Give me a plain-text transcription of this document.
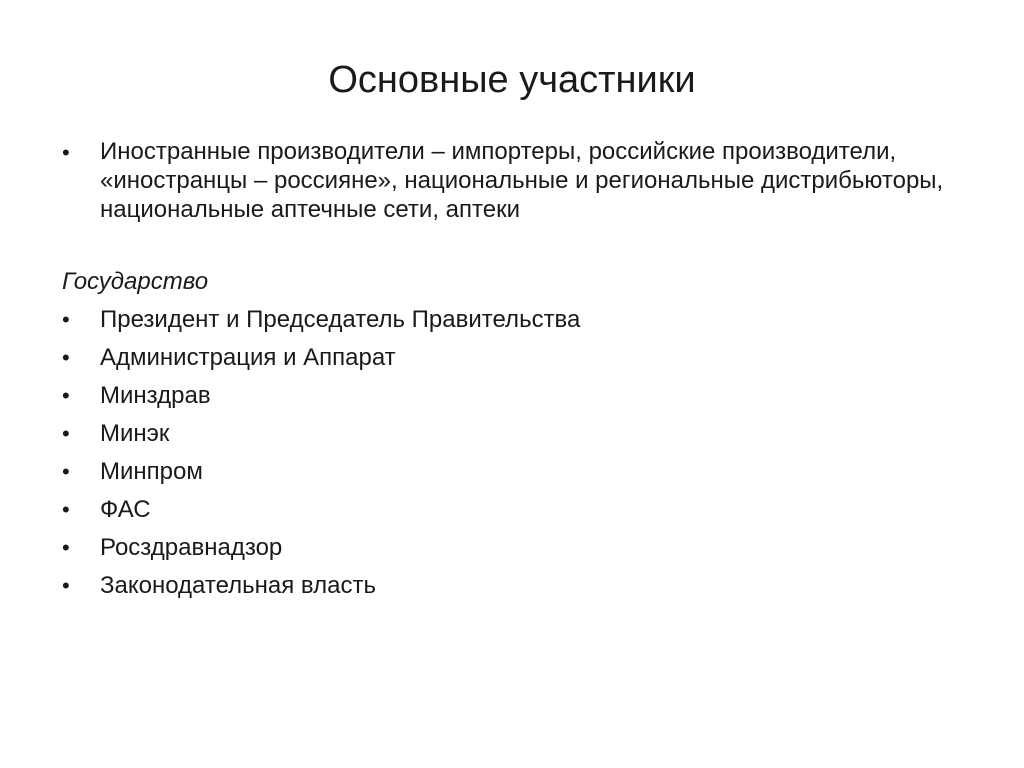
Основные участники
•	Иностранные производители – импортеры, российские производители, «иностранцы – россияне», национальные и региональные дистрибьюторы, национальные аптечные сети, аптеки
Государство
•	Президент и Председатель Правительства
•	Администрация и Аппарат
•	Минздрав
•	Минэк
•	Минпром
•	ФАС
•	Росздравнадзор
•	Законодательная власть
